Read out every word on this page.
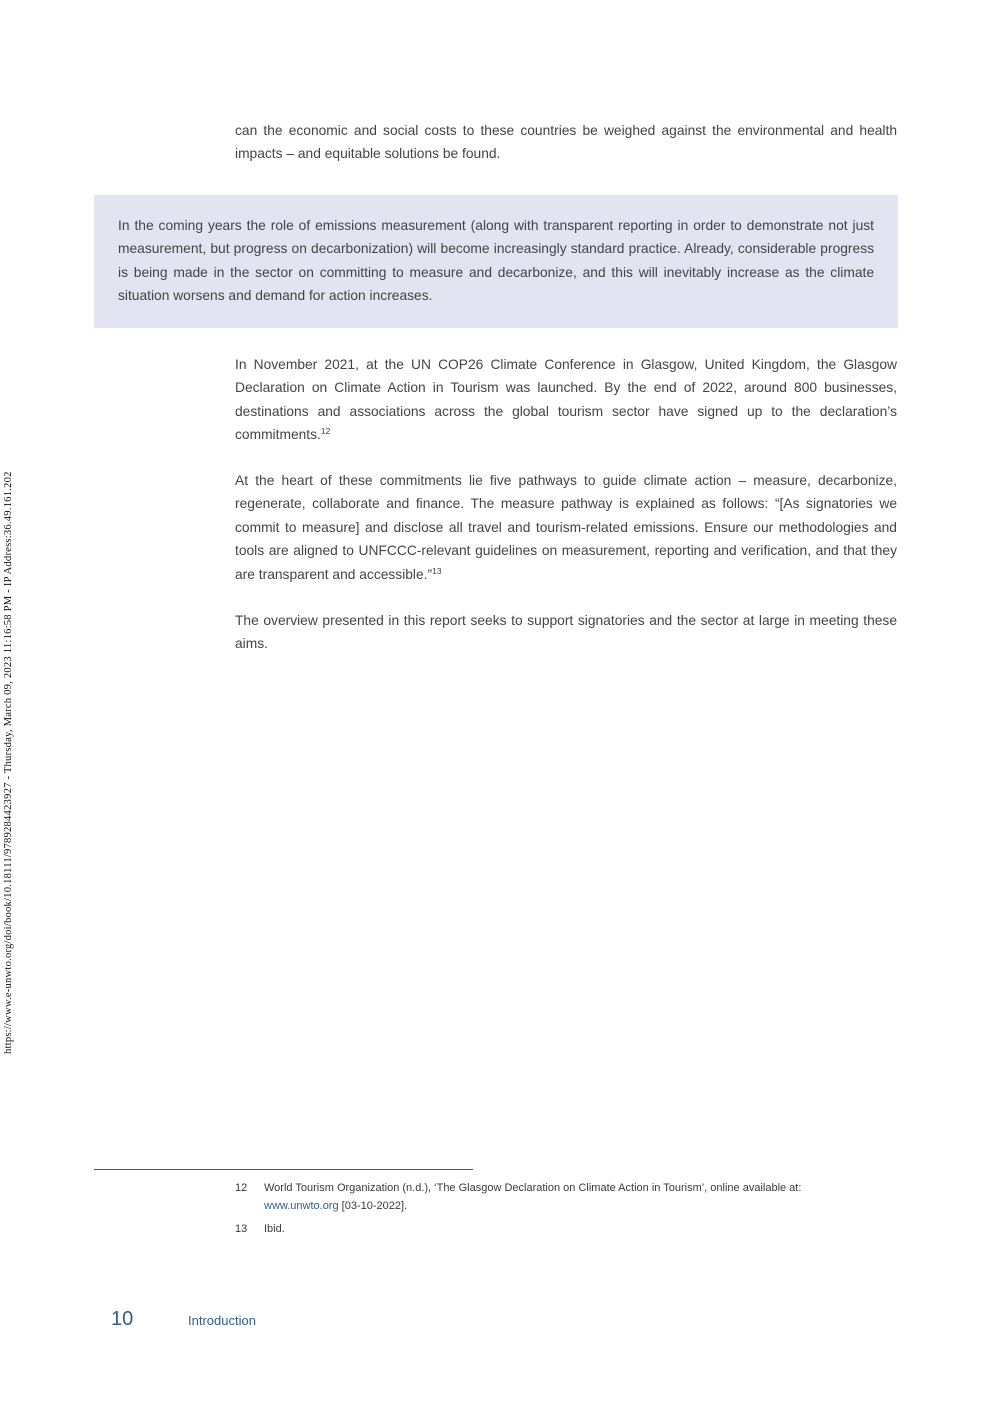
https://www.e-unwto.org/doi/book/10.18111/9789284423927 - Thursday, March 09, 2023 11:16:58 PM - IP Address:36.49.161.202

can the economic and social costs to these countries be weighed against the environmental and health impacts – and equitable solutions be found.

In the coming years the role of emissions measurement (along with transparent reporting in order to demonstrate not just measurement, but progress on decarbonization) will become increasingly standard practice. Already, considerable progress is being made in the sector on committing to measure and decarbonize, and this will inevitably increase as the climate situation worsens and demand for action increases.

In November 2021, at the UN COP26 Climate Conference in Glasgow, United Kingdom, the Glasgow Declaration on Climate Action in Tourism was launched. By the end of 2022, around 800 businesses, destinations and associations across the global tourism sector have signed up to the declaration’s commitments.$^{12}$

At the heart of these commitments lie five pathways to guide climate action – measure, decarbonize, regenerate, collaborate and finance. The measure pathway is explained as follows: “[As signatories we commit to measure] and disclose all travel and tourism-related emissions. Ensure our methodologies and tools are aligned to UNFCCC-relevant guidelines on measurement, reporting and verification, and that they are transparent and accessible.”$^{13}$

The overview presented in this report seeks to support signatories and the sector at large in meeting these aims.

12	World Tourism Organization (n.d.), ‘The Glasgow Declaration on Climate Action in Tourism’, online available at:
www.unwto.org [03-10-2022].
13	Ibid.
10	Introduction
